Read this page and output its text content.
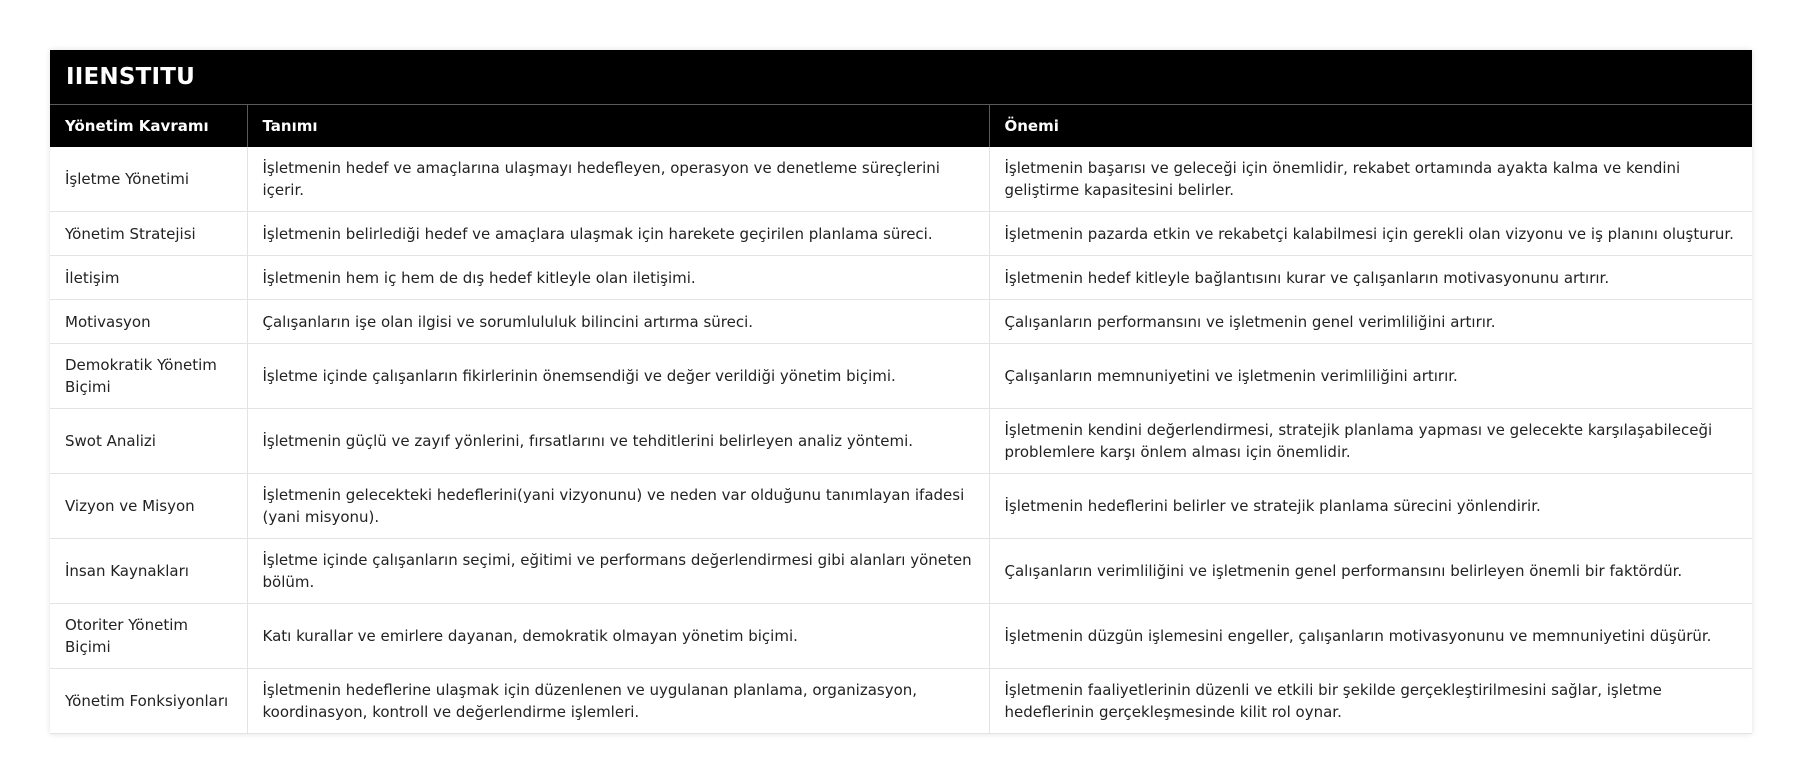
IIENSTITU
Yönetim Kavramı	Tanımı	Önemi
İşletme Yönetimi	İşletmenin hedef ve amaçlarına ulaşmayı hedefleyen, operasyon ve denetleme süreçlerini içerir.	İşletmenin başarısı ve geleceği için önemlidir, rekabet ortamında ayakta kalma ve kendini geliştirme kapasitesini belirler.
Yönetim Stratejisi	İşletmenin belirlediği hedef ve amaçlara ulaşmak için harekete geçirilen planlama süreci.	İşletmenin pazarda etkin ve rekabetçi kalabilmesi için gerekli olan vizyonu ve iş planını oluşturur.
İletişim	İşletmenin hem iç hem de dış hedef kitleyle olan iletişimi.	İşletmenin hedef kitleyle bağlantısını kurar ve çalışanların motivasyonunu artırır.
Motivasyon	Çalışanların işe olan ilgisi ve sorumlululuk bilincini artırma süreci.	Çalışanların performansını ve işletmenin genel verimliliğini artırır.
Demokratik Yönetim Biçimi	İşletme içinde çalışanların fikirlerinin önemsendiği ve değer verildiği yönetim biçimi.	Çalışanların memnuniyetini ve işletmenin verimliliğini artırır.
Swot Analizi	İşletmenin güçlü ve zayıf yönlerini, fırsatlarını ve tehditlerini belirleyen analiz yöntemi.	İşletmenin kendini değerlendirmesi, stratejik planlama yapması ve gelecekte karşılaşabileceği problemlere karşı önlem alması için önemlidir.
Vizyon ve Misyon	İşletmenin gelecekteki hedeflerini(yani vizyonunu) ve neden var olduğunu tanımlayan ifadesi (yani misyonu).	İşletmenin hedeflerini belirler ve stratejik planlama sürecini yönlendirir.
İnsan Kaynakları	İşletme içinde çalışanların seçimi, eğitimi ve performans değerlendirmesi gibi alanları yöneten bölüm.	Çalışanların verimliliğini ve işletmenin genel performansını belirleyen önemli bir faktördür.
Otoriter Yönetim Biçimi	Katı kurallar ve emirlere dayanan, demokratik olmayan yönetim biçimi.	İşletmenin düzgün işlemesini engeller, çalışanların motivasyonunu ve memnuniyetini düşürür.
Yönetim Fonksiyonları	İşletmenin hedeflerine ulaşmak için düzenlenen ve uygulanan planlama, organizasyon, koordinasyon, kontroll ve değerlendirme işlemleri.	İşletmenin faaliyetlerinin düzenli ve etkili bir şekilde gerçekleştirilmesini sağlar, işletme hedeflerinin gerçekleşmesinde kilit rol oynar.
